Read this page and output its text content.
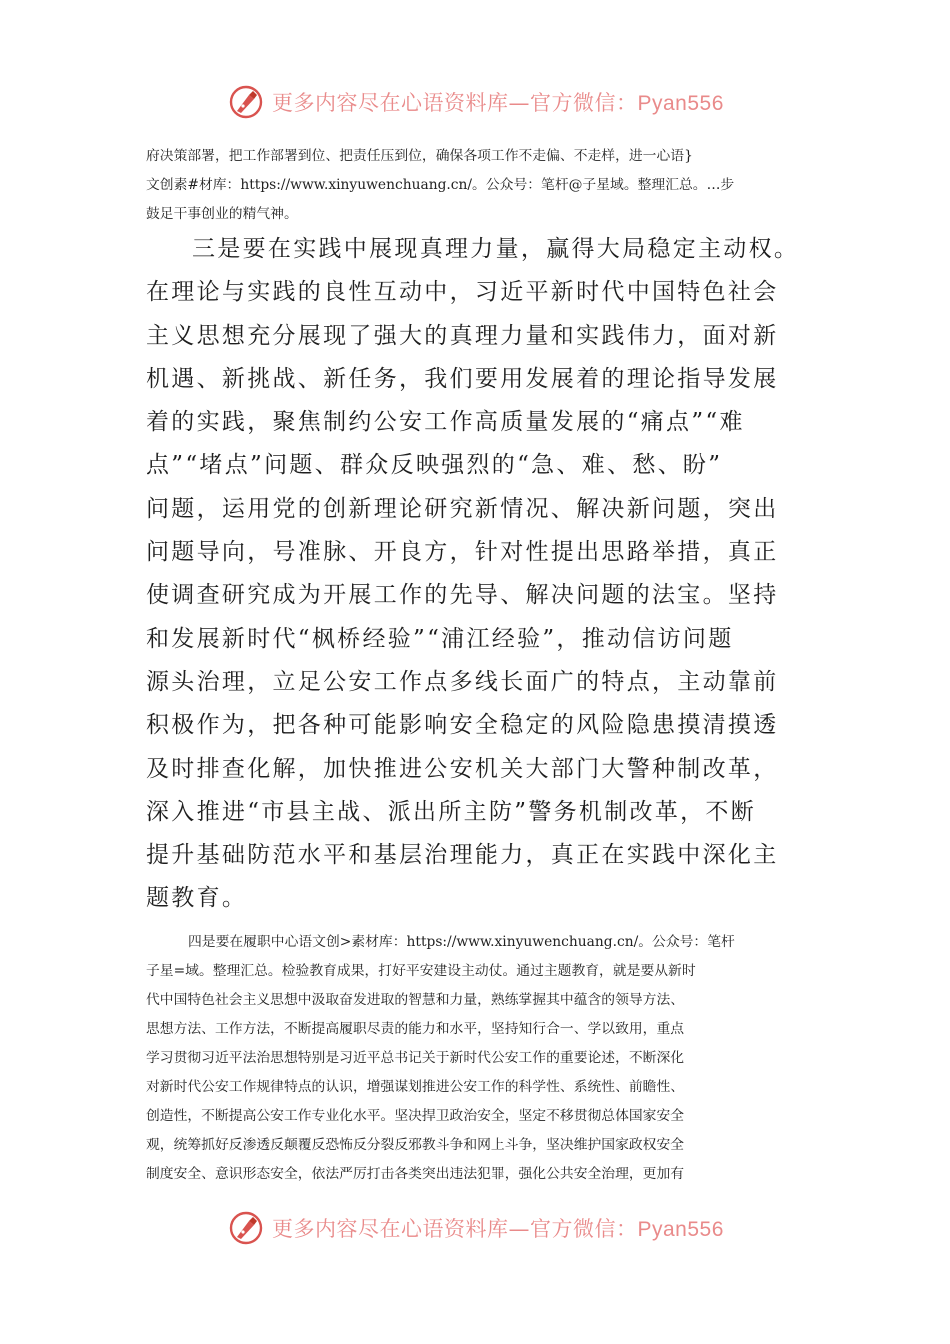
更多内容尽在心语资料库—官方微信：Pyan556

府决策部署，把工作部署到位、把责任压到位，确保各项工作不走偏、不走样，进一心语}
文创素#材库：https://www.xinyuwenchuang.cn/。公众号：笔杆@子星域。整理汇总。…步
鼓足干事创业的精气神。

三是要在实践中展现真理力量，赢得大局稳定主动权。
在理论与实践的良性互动中，习近平新时代中国特色社会
主义思想充分展现了强大的真理力量和实践伟力，面对新
机遇、新挑战、新任务，我们要用发展着的理论指导发展
着的实践，聚焦制约公安工作高质量发展的“痛点”“难
点”“堵点”问题、群众反映强烈的“急、难、愁、盼”
问题，运用党的创新理论研究新情况、解决新问题，突出
问题导向，号准脉、开良方，针对性提出思路举措，真正
使调查研究成为开展工作的先导、解决问题的法宝。坚持
和发展新时代“枫桥经验”“浦江经验”，推动信访问题
源头治理，立足公安工作点多线长面广的特点，主动靠前
积极作为，把各种可能影响安全稳定的风险隐患摸清摸透
及时排查化解，加快推进公安机关大部门大警种制改革，
深入推进“市县主战、派出所主防”警务机制改革，不断
提升基础防范水平和基层治理能力，真正在实践中深化主
题教育。

四是要在履职中心语文创>素材库：https://www.xinyuwenchuang.cn/。公众号：笔杆
子星=域。整理汇总。检验教育成果，打好平安建设主动仗。通过主题教育，就是要从新时
代中国特色社会主义思想中汲取奋发进取的智慧和力量，熟练掌握其中蕴含的领导方法、
思想方法、工作方法，不断提高履职尽责的能力和水平，坚持知行合一、学以致用，重点
学习贯彻习近平法治思想特别是习近平总书记关于新时代公安工作的重要论述，不断深化
对新时代公安工作规律特点的认识，增强谋划推进公安工作的科学性、系统性、前瞻性、
创造性，不断提高公安工作专业化水平。坚决捍卫政治安全，坚定不移贯彻总体国家安全
观，统筹抓好反渗透反颠覆反恐怖反分裂反邪教斗争和网上斗争，坚决维护国家政权安全
制度安全、意识形态安全，依法严厉打击各类突出违法犯罪，强化公共安全治理，更加有

更多内容尽在心语资料库—官方微信：Pyan556
